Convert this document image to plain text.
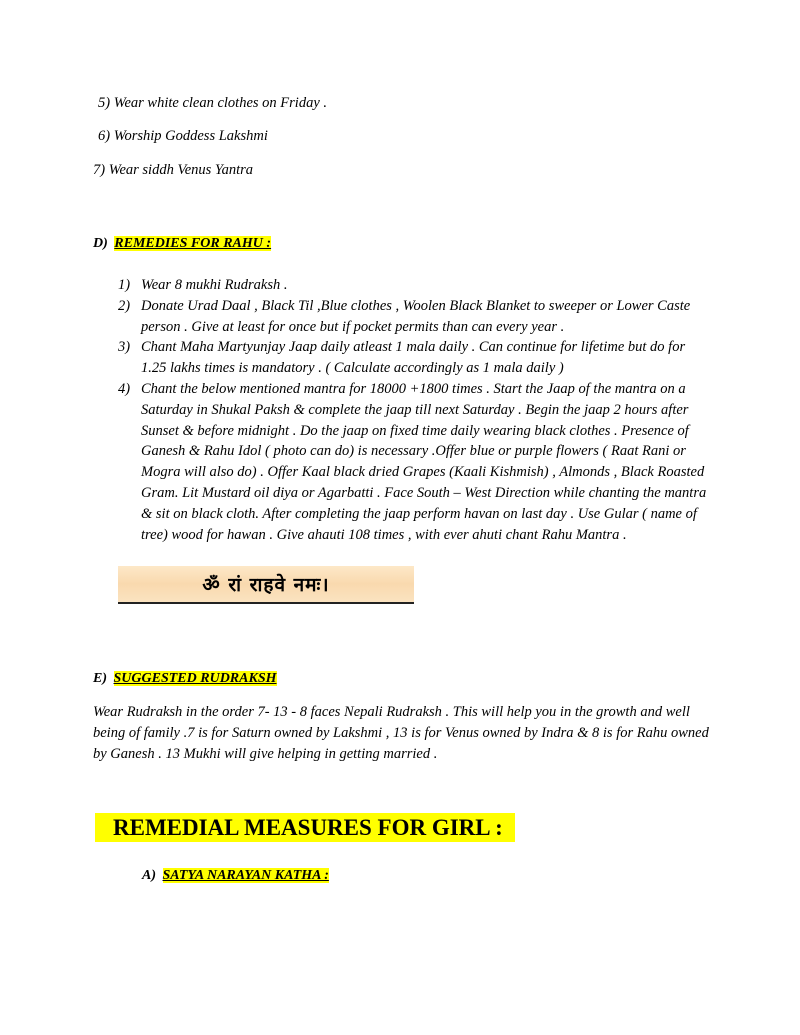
5) Wear white clean clothes on Friday .
6) Worship Goddess Lakshmi
7) Wear siddh Venus Yantra
D) REMEDIES FOR RAHU :
1) Wear 8 mukhi Rudraksh .
2) Donate Urad Daal , Black Til ,Blue clothes , Woolen Black Blanket to sweeper or Lower Caste person . Give at least for once but if pocket permits than can every year .
3) Chant Maha Martyunjay Jaap daily atleast 1 mala daily . Can continue for lifetime but do for 1.25 lakhs times is mandatory . ( Calculate accordingly as 1 mala daily )
4) Chant the below mentioned mantra for 18000 +1800 times . Start the Jaap of the mantra on a Saturday in Shukal Paksh & complete the jaap till next Saturday . Begin the jaap 2 hours after Sunset & before midnight . Do the jaap on fixed time daily wearing black clothes . Presence of Ganesh & Rahu Idol ( photo can do) is necessary .Offer blue or purple flowers ( Raat Rani or Mogra will also do) . Offer Kaal black dried Grapes (Kaali Kishmish) , Almonds , Black Roasted Gram. Lit Mustard oil diya or Agarbatti . Face South – West Direction while chanting the mantra & sit on black cloth. After completing the jaap perform havan on last day . Use Gular ( name of tree) wood for hawan . Give ahauti 108 times , with ever ahuti chant Rahu Mantra .
ॐ रां राहवे नमः।
E) SUGGESTED RUDRAKSH
Wear Rudraksh in the order 7- 13 - 8 faces Nepali Rudraksh . This will help you in the growth and well being of family .7 is for Saturn owned by Lakshmi , 13 is for Venus owned by Indra & 8 is for Rahu owned by Ganesh . 13 Mukhi will give helping in getting married .
REMEDIAL MEASURES FOR GIRL :
A) SATYA NARAYAN KATHA :
